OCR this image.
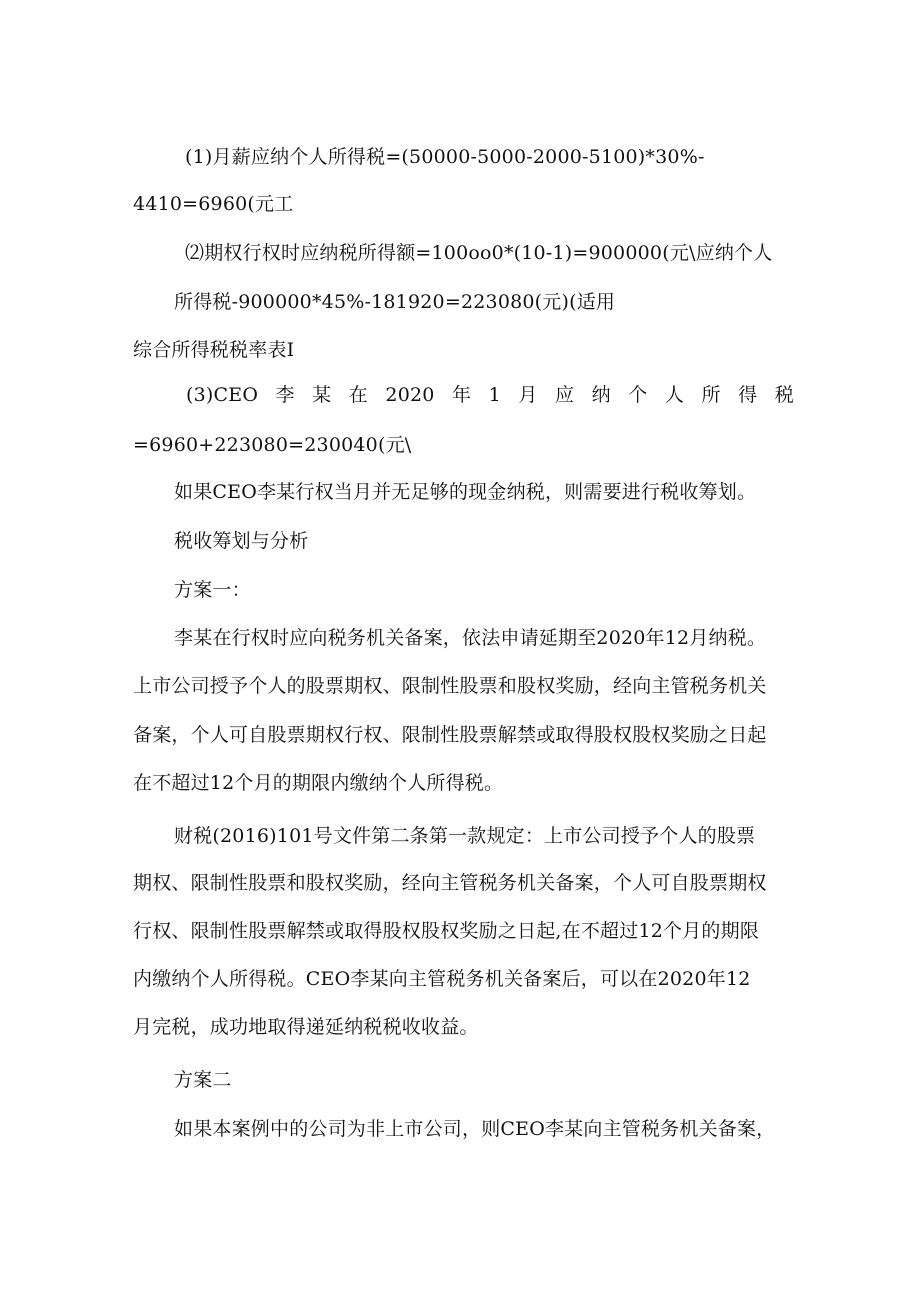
(1)月薪应纳个人所得税=(50000-5000-2000-5100)*30%-
4410=6960(元工
⑵期权行权时应纳税所得额=100oo0*(10-1)=900000(元\应纳个人
所得税-900000*45%-181920=223080(元)(适用
综合所得税税率表Ⅰ
(3)CEO 李 某 在 2020 年 1 月 应 纳 个 人 所 得 税
=6960+223080=230040(元\
如果CEO李某行权当月并无足够的现金纳税，则需要进行税收筹划。
税收筹划与分析
方案一：
李某在行权时应向税务机关备案，依法申请延期至2020年12月纳税。
上市公司授予个人的股票期权、限制性股票和股权奖励，经向主管税务机关
备案，个人可自股票期权行权、限制性股票解禁或取得股权股权奖励之日起
在不超过12个月的期限内缴纳个人所得税。
财税(2016)101号文件第二条第一款规定：上市公司授予个人的股票
期权、限制性股票和股权奖励，经向主管税务机关备案，个人可自股票期权
行权、限制性股票解禁或取得股权股权奖励之日起,在不超过12个月的期限
内缴纳个人所得税。CEO李某向主管税务机关备案后，可以在2020年12
月完税，成功地取得递延纳税税收收益。
方案二
如果本案例中的公司为非上市公司，则CEO李某向主管税务机关备案，
